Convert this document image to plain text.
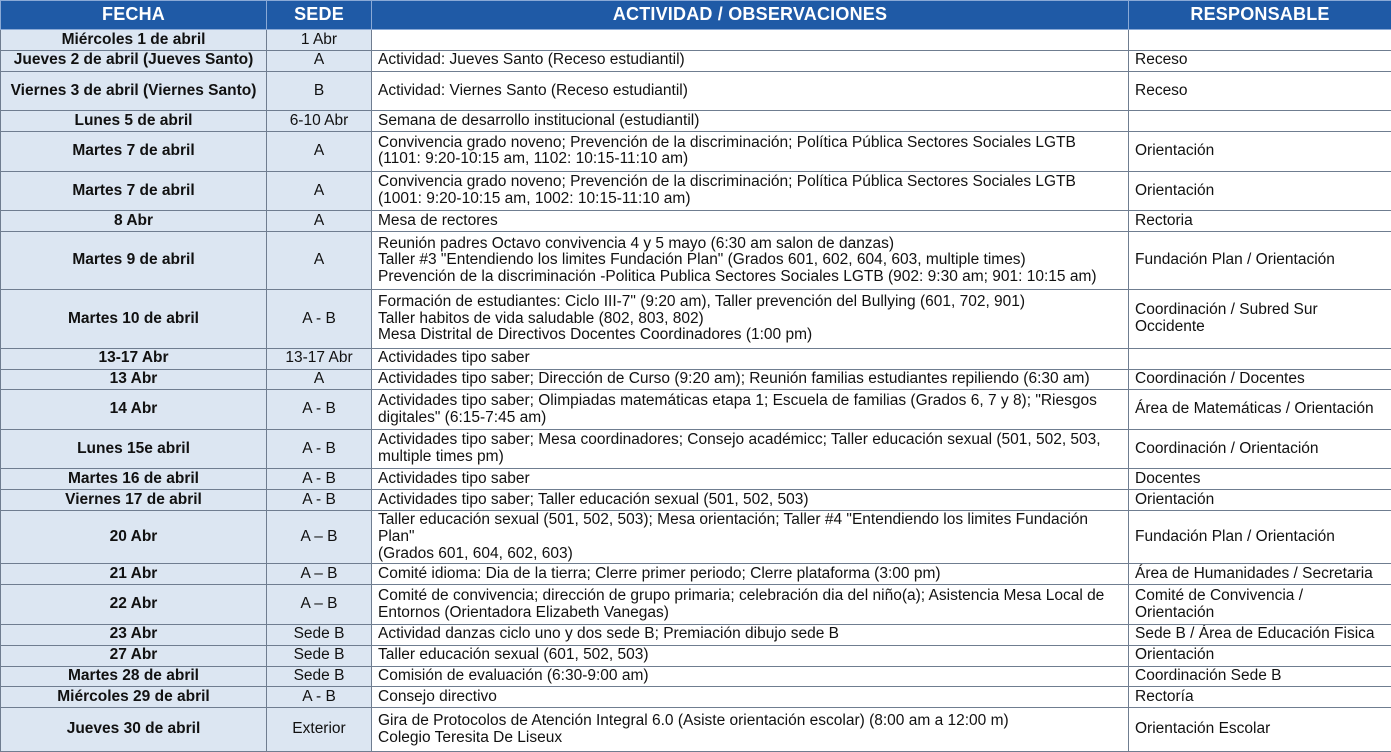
FECHA	SEDE	ACTIVIDAD / OBSERVACIONES	RESPONSABLE
Miércoles 1 de abril	1 Abr		
Jueves 2 de abril (Jueves Santo)	A	Actividad: Jueves Santo (Receso estudiantil)	Receso
Viernes 3 de abril (Viernes Santo)	B	Actividad: Viernes Santo (Receso estudiantil)	Receso
Lunes 5 de abril	6-10 Abr	Semana de desarrollo institucional (estudiantil)	

Martes 7 de abril	A	Convivencia grado noveno; Prevención de la discriminación; Política Pública Sectores Sociales LGTB
(1101: 9:20-10:15 am, 1102: 10:15-11:10 am)	Orientación
Martes 7 de abril	A	Convivencia grado noveno; Prevención de la discriminación; Política Pública Sectores Sociales LGTB
(1001: 9:20-10:15 am, 1002: 10:15-11:10 am)	Orientación
8 Abr	A	Mesa de rectores	Rectoria
Martes 9 de abril	A	Reunión padres Octavo convivencia 4 y 5 mayo (6:30 am salon de danzas)
Taller #3 "Entendiendo los limites Fundación Plan" (Grados 601, 602, 604, 603, multiple times)
Prevención de la discriminación -Politica Publica Sectores Sociales LGTB (902: 9:30 am; 901: 10:15 am)	Fundación Plan / Orientación
Martes 10 de abril	A - B	Formación de estudiantes: Ciclo III-7" (9:20 am), Taller prevención del Bullying (601, 702, 901)
Taller habitos de vida saludable (802, 803, 802)
Mesa Distrital de Directivos Docentes Coordinadores (1:00 pm)	Coordinación / Subred Sur Occidente
13-17 Abr	13-17 Abr	Actividades tipo saber	

13 Abr	A	Actividades tipo saber; Dirección de Curso (9:20 am); Reunión familias estudiantes repiliendo (6:30 am)	Coordinación / Docentes
14 Abr	A - B	Actividades tipo saber; Olimpiadas matemáticas etapa 1; Escuela de familias (Grados 6, 7 y 8); "Riesgos
digitales" (6:15-7:45 am)	Área de Matemáticas / Orientación
Lunes 15e abril	A - B	Actividades tipo saber; Mesa coordinadores; Consejo académicc; Taller educación sexual (501, 502, 503,
multiple times pm)	Coordinación / Orientación
Martes 16 de abril	A - B	Actividades tipo saber	Docentes
Viernes 17 de abril	A - B	Actividades tipo saber; Taller educación sexual (501, 502, 503)	Orientación
20 Abr	A – B	Taller educación sexual (501, 502, 503); Mesa orientación; Taller #4 "Entendiendo los limites Fundación Plan"
(Grados 601, 604, 602, 603)	Fundación Plan / Orientación
21 Abr	A – B	Comité idioma: Dia de la tierra; Clerre primer periodo; Clerre plataforma (3:00 pm)	Área de Humanidades / Secretaria
22 Abr	A – B	Comité de convivencia; dirección de grupo primaria; celebración dia del niño(a); Asistencia Mesa Local de
Entornos (Orientadora Elizabeth Vanegas)	Comité de Convivencia / Orientación
23 Abr	Sede B	Actividad danzas ciclo uno y dos sede B; Premiación dibujo sede B	Sede B / Área de Educación Fisica
27 Abr	Sede B	Taller educación sexual (601, 502, 503)	Orientación
Martes 28 de abril	Sede B	Comisión de evaluación (6:30-9:00 am)	Coordinación Sede B
Miércoles 29 de abril	A - B	Consejo directivo	Rectoría
Jueves 30 de abril	Exterior	Gira de Protocolos de Atención Integral 6.0 (Asiste orientación escolar) (8:00 am a 12:00 m)
Colegio Teresita De Liseux	Orientación Escolar
